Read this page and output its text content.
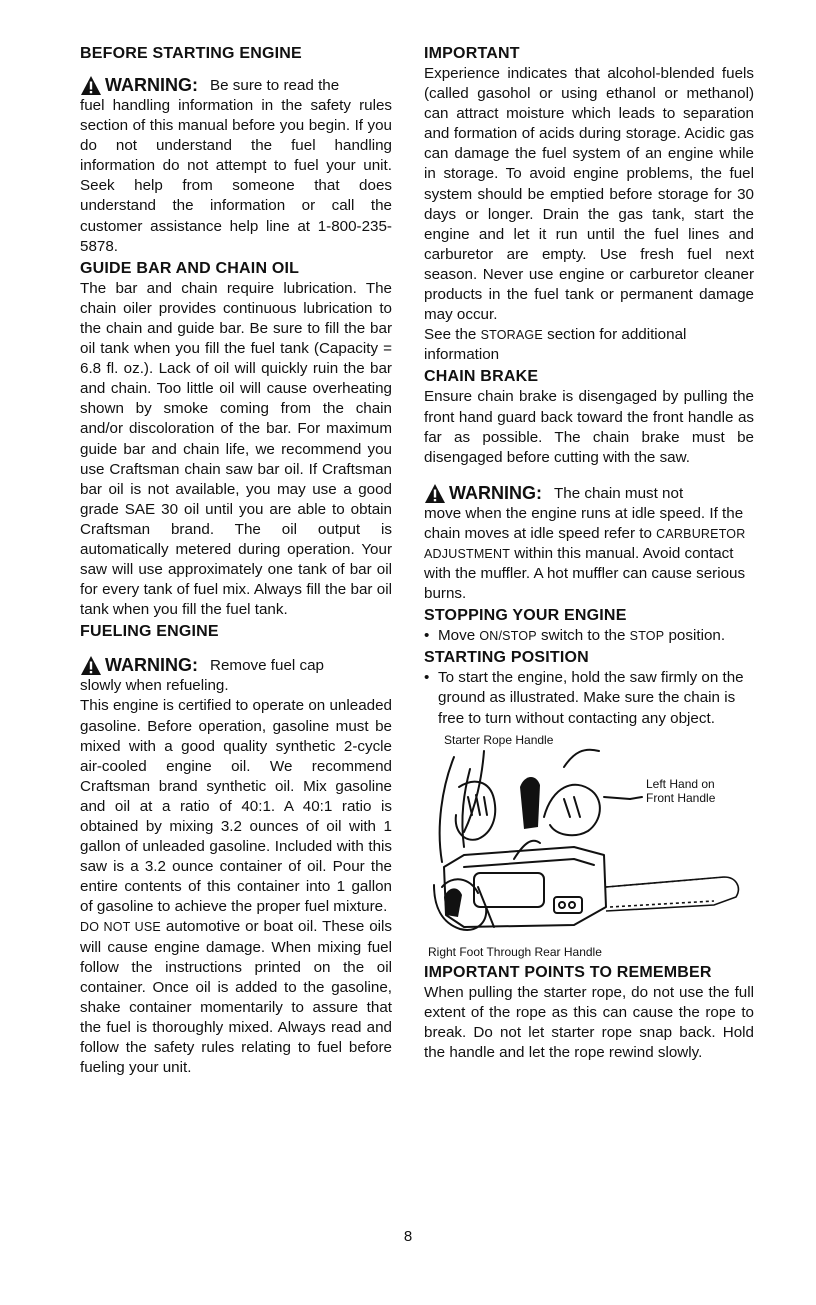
BEFORE STARTING ENGINE
WARNING: Be sure to read the

fuel handling information in the safety rules section of this manual before you begin. If you do not understand the fuel handling information do not attempt to fuel your unit. Seek help from someone that does understand the information or call the customer assistance help line at 1-800-235-5878.

GUIDE BAR AND CHAIN OIL

The bar and chain require lubrication. The chain oiler provides continuous lubrication to the chain and guide bar. Be sure to fill the bar oil tank when you fill the fuel tank (Capacity = 6.8 fl. oz.). Lack of oil will quickly ruin the bar and chain. Too little oil will cause overheating shown by smoke coming from the chain and/or discoloration of the bar. For maximum guide bar and chain life, we recommend you use Craftsman chain saw bar oil. If Craftsman bar oil is not available, you may use a good grade SAE 30 oil until you are able to obtain Craftsman brand. The oil output is automatically metered during operation. Your saw will use approximately one tank of bar oil for every tank of fuel mix. Always fill the bar oil tank when you fill the fuel tank.

FUELING ENGINE
WARNING: Remove fuel cap

slowly when refueling.

This engine is certified to operate on unleaded gasoline. Before operation, gasoline must be mixed with a good quality synthetic 2-cycle air-cooled engine oil. We recommend Craftsman brand synthetic oil. Mix gasoline and oil at a ratio of 40:1. A 40:1 ratio is obtained by mixing 3.2 ounces of oil with 1 gallon of unleaded gasoline. Included with this saw is a 3.2 ounce container of oil. Pour the entire contents of this container into 1 gallon of gasoline to achieve the proper fuel mixture.

DO NOT USE automotive or boat oil. These oils will cause engine damage. When mixing fuel follow the instructions printed on the oil container. Once oil is added to the gasoline, shake container momentarily to assure that the fuel is thoroughly mixed. Always read and follow the safety rules relating to fuel before fueling your unit.

IMPORTANT

Experience indicates that alcohol-blended fuels (called gasohol or using ethanol or methanol) can attract moisture which leads to separation and formation of acids during storage. Acidic gas can damage the fuel system of an engine while in storage. To avoid engine problems, the fuel system should be emptied before storage for 30 days or longer. Drain the gas tank, start the engine and let it run until the fuel lines and carburetor are empty. Use fresh fuel next season. Never use engine or carburetor cleaner products in the fuel tank or permanent damage may occur.

See the STORAGE section for additional information

CHAIN BRAKE

Ensure chain brake is disengaged by pulling the front hand guard back toward the front handle as far as possible. The chain brake must be disengaged before cutting with the saw.

WARNING: The chain must not

move when the engine runs at idle speed. If the chain moves at idle speed refer to CARBURETOR ADJUSTMENT within this manual. Avoid contact with the muffler. A hot muffler can cause serious burns.

STOPPING YOUR ENGINE
• Move ON/STOP switch to the STOP position.
STARTING POSITION
• To start the engine, hold the saw firmly on the ground as illustrated. Make sure the chain is free to turn without contacting any object.
Starter Rope Handle
Left Hand on Front Handle
Right Foot Through Rear Handle
IMPORTANT POINTS TO REMEMBER

When pulling the starter rope, do not use the full extent of the rope as this can cause the rope to break. Do not let starter rope snap back. Hold the handle and let the rope rewind slowly.

8
